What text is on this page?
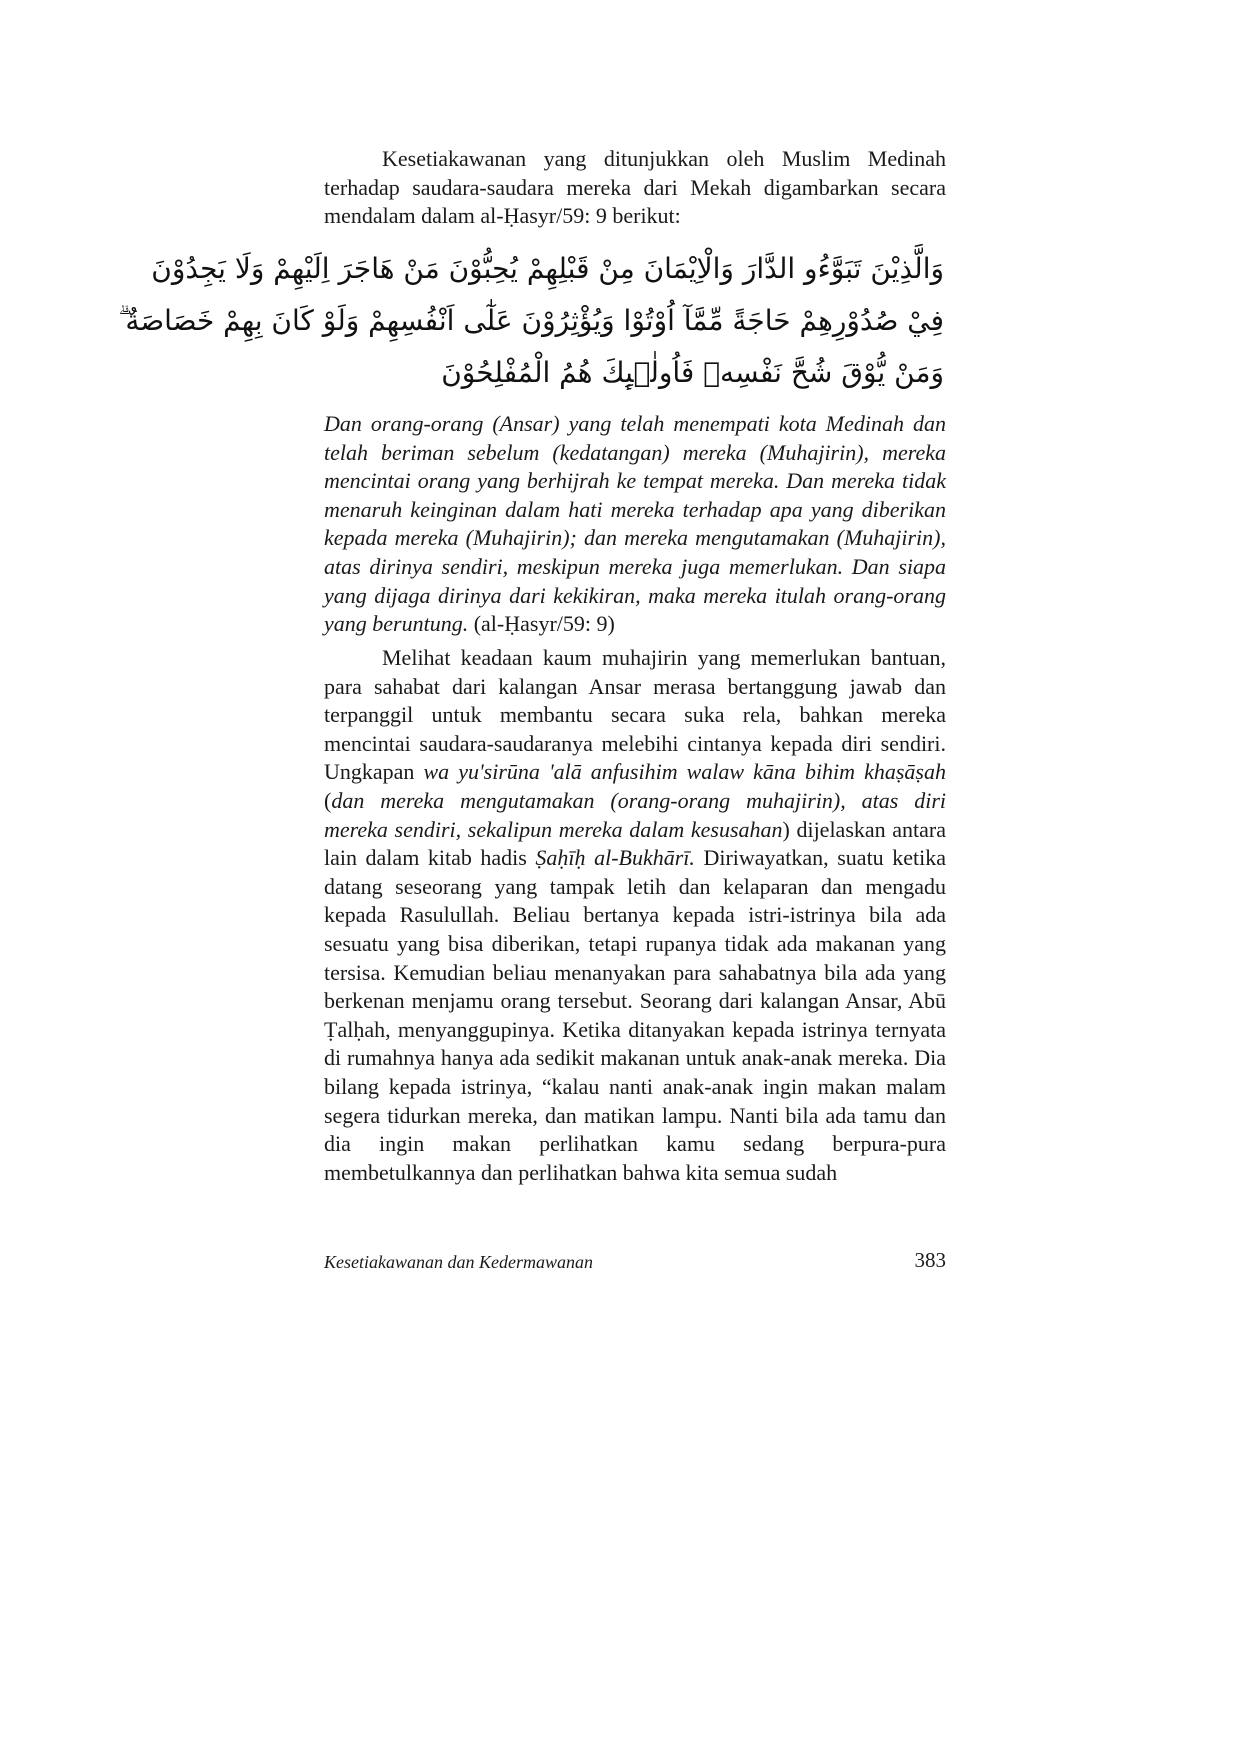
Kesetiakawanan yang ditunjukkan oleh Muslim Medinah terhadap saudara-saudara mereka dari Mekah digambarkan secara mendalam dalam al-Ḥasyr/59: 9 berikut:

وَالَّذِيْنَ تَبَوَّءُو الدَّارَ وَالْاِيْمَانَ مِنْ قَبْلِهِمْ يُحِبُّوْنَ مَنْ هَاجَرَ اِلَيْهِمْ وَلَا يَجِدُوْنَ
فِيْ صُدُوْرِهِمْ حَاجَةً مِّمَّآ اُوْتُوْا وَيُؤْثِرُوْنَ عَلٰٓى اَنْفُسِهِمْ وَلَوْ كَانَ بِهِمْ خَصَاصَةٌ ۗ
وَمَنْ يُّوْقَ شُحَّ نَفْسِهٖ فَاُولٰۤىِٕكَ هُمُ الْمُفْلِحُوْنَ

Dan orang-orang (Ansar) yang telah menempati kota Medinah dan telah beriman sebelum (kedatangan) mereka (Muhajirin), mereka mencintai orang yang berhijrah ke tempat mereka. Dan mereka tidak menaruh keinginan dalam hati mereka terhadap apa yang diberikan kepada mereka (Muhajirin); dan mereka mengutamakan (Muhajirin), atas dirinya sendiri, meskipun mereka juga memerlukan. Dan siapa yang dijaga dirinya dari kekikiran, maka mereka itulah orang-orang yang beruntung. (al-Ḥasyr/59: 9)

Melihat keadaan kaum muhajirin yang memerlukan bantuan, para sahabat dari kalangan Ansar merasa bertanggung jawab dan terpanggil untuk membantu secara suka rela, bahkan mereka mencintai saudara-saudaranya melebihi cintanya kepada diri sendiri. Ungkapan wa yu'sirūna 'alā anfusihim walaw kāna bihim khaṣāṣah (dan mereka mengutamakan (orang-orang muhajirin), atas diri mereka sendiri, sekalipun mereka dalam kesusahan) dijelaskan antara lain dalam kitab hadis Ṣaḥīḥ al-Bukhārī. Diriwayatkan, suatu ketika datang seseorang yang tampak letih dan kelaparan dan mengadu kepada Rasulullah. Beliau bertanya kepada istri-istrinya bila ada sesuatu yang bisa diberikan, tetapi rupanya tidak ada makanan yang tersisa. Kemudian beliau menanyakan para sahabatnya bila ada yang berkenan menjamu orang tersebut. Seorang dari kalangan Ansar, Abū Ṭalḥah, menyanggupinya. Ketika ditanyakan kepada istrinya ternyata di rumahnya hanya ada sedikit makanan untuk anak-anak mereka. Dia bilang kepada istrinya, “kalau nanti anak-anak ingin makan malam segera tidurkan mereka, dan matikan lampu. Nanti bila ada tamu dan dia ingin makan perlihatkan kamu sedang berpura-pura membetulkannya dan perlihatkan bahwa kita semua sudah

Kesetiakawanan dan Kedermawanan	383
